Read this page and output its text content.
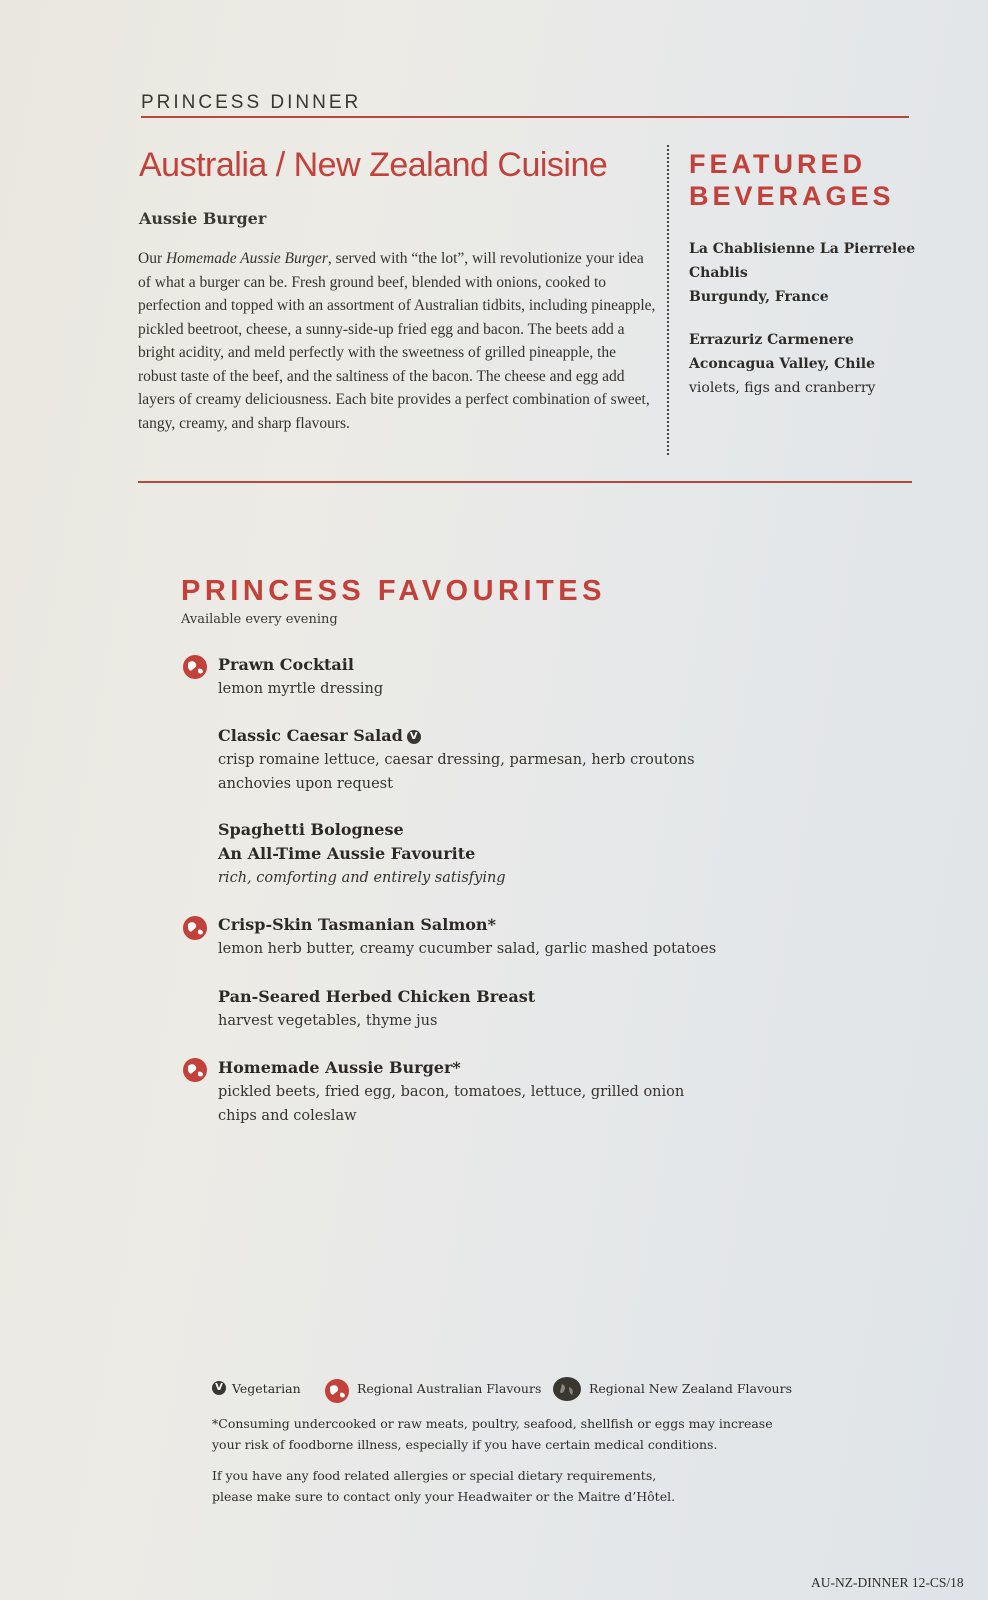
PRINCESS DINNER
Australia / New Zealand Cuisine
Aussie Burger
Our Homemade Aussie Burger, served with “the lot”, will revolutionize your idea of what a burger can be. Fresh ground beef, blended with onions, cooked to perfection and topped with an assortment of Australian tidbits, including pineapple, pickled beetroot, cheese, a sunny-side-up fried egg and bacon. The beets add a bright acidity, and meld perfectly with the sweetness of grilled pineapple, the robust taste of the beef, and the saltiness of the bacon. The cheese and egg add layers of creamy deliciousness. Each bite provides a perfect combination of sweet, tangy, creamy, and sharp flavours.
FEATURED
BEVERAGES
La Chablisienne La Pierrelee
Chablis
Burgundy, France
Errazuriz Carmenere
Aconcagua Valley, Chile
violets, figs and cranberry
PRINCESS FAVOURITES
Available every evening
Prawn Cocktail
lemon myrtle dressing
Classic Caesar Salad V
crisp romaine lettuce, caesar dressing, parmesan, herb croutons
anchovies upon request
Spaghetti Bolognese
An All-Time Aussie Favourite
rich, comforting and entirely satisfying
Crisp-Skin Tasmanian Salmon*
lemon herb butter, creamy cucumber salad, garlic mashed potatoes
Pan-Seared Herbed Chicken Breast
harvest vegetables, thyme jus
Homemade Aussie Burger*
pickled beets, fried egg, bacon, tomatoes, lettuce, grilled onion
chips and coleslaw
V Vegetarian	Regional Australian Flavours	Regional New Zealand Flavours
*Consuming undercooked or raw meats, poultry, seafood, shellfish or eggs may increase
your risk of foodborne illness, especially if you have certain medical conditions.
If you have any food related allergies or special dietary requirements,
please make sure to contact only your Headwaiter or the Maitre d’Hôtel.
AU-NZ-DINNER 12-CS/18
